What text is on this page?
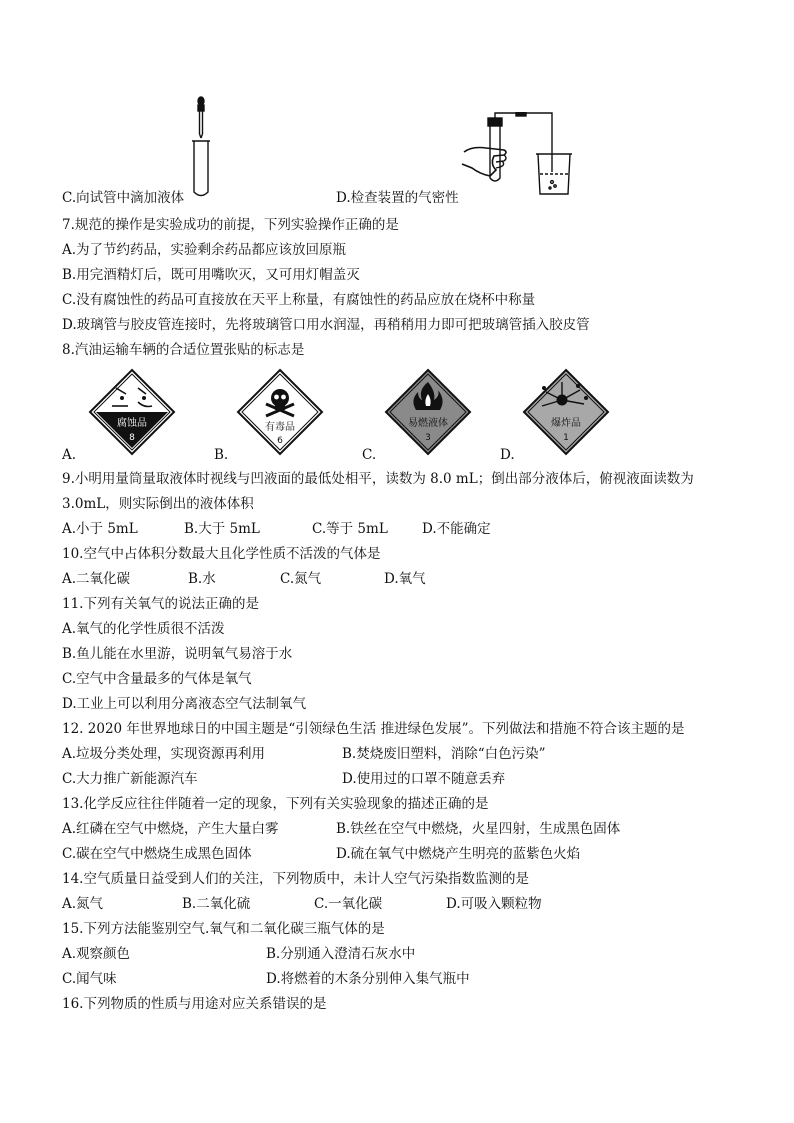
C.向试管中滴加液体	D.检查装置的气密性
7.规范的操作是实验成功的前提，下列实验操作正确的是
A.为了节约药品，实验剩余药品都应该放回原瓶
B.用完酒精灯后，既可用嘴吹灭，又可用灯帽盖灭
C.没有腐蚀性的药品可直接放在天平上称量，有腐蚀性的药品应放在烧杯中称量
D.玻璃管与胶皮管连接时，先将玻璃管口用水润湿，再稍稍用力即可把玻璃管插入胶皮管
8.汽油运输车辆的合适位置张贴的标志是
A.	B.	C.	D.
腐蚀品
8
有毒品
6
易燃液体
3
爆炸品
1
9.小明用量筒量取液体时视线与凹液面的最低处相平，读数为 8.0 mL；倒出部分液体后，俯视液面读数为
3.0mL，则实际倒出的液体体积
A.小于 5mL	B.大于 5mL	C.等于 5mL	D.不能确定
10.空气中占体积分数最大且化学性质不活泼的气体是
A.二氧化碳	B.水	C.氮气	D.氧气
11.下列有关氧气的说法正确的是
A.氧气的化学性质很不活泼
B.鱼儿能在水里游，说明氧气易溶于水
C.空气中含量最多的气体是氧气
D.工业上可以利用分离液态空气法制氧气
12. 2020 年世界地球日的中国主题是“引领绿色生活 推进绿色发展”。下列做法和措施不符合该主题的是
A.垃圾分类处理，实现资源再利用	B.焚烧废旧塑料，消除“白色污染”
C.大力推广新能源汽车	D.使用过的口罩不随意丢弃
13.化学反应往往伴随着一定的现象，下列有关实验现象的描述正确的是
A.红磷在空气中燃烧，产生大量白雾	B.铁丝在空气中燃烧，火星四射，生成黑色固体
C.碳在空气中燃烧生成黑色固体	D.硫在氧气中燃烧产生明亮的蓝紫色火焰
14.空气质量日益受到人们的关注，下列物质中，未计人空气污染指数监测的是
A.氮气	B.二氧化硫	C.一氧化碳	D.可吸入颗粒物
15.下列方法能鉴别空气.氧气和二氧化碳三瓶气体的是
A.观察颜色	B.分别通入澄清石灰水中
C.闻气味	D.将燃着的木条分别伸入集气瓶中
16.下列物质的性质与用途对应关系错误的是
